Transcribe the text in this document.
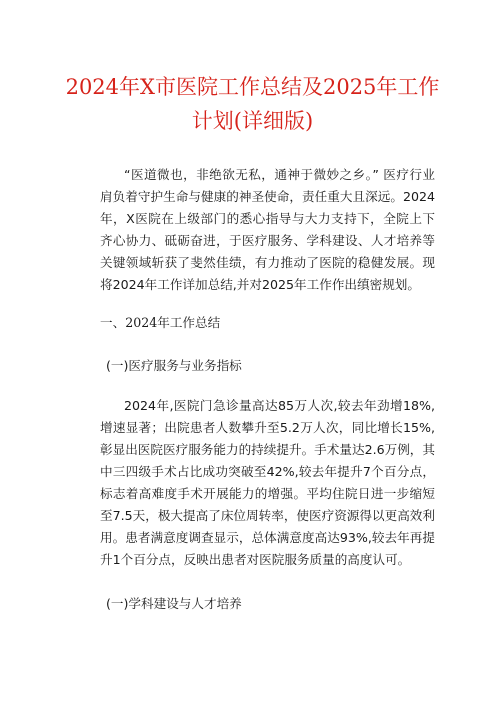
2024年X市医院工作总结及2025年工作计划(详细版)

“医道微也，非绝欲无私，通神于微妙之乡。” 医疗行业肩负着守护生命与健康的神圣使命，责任重大且深远。2024年，X医院在上级部门的悉心指导与大力支持下，全院上下齐心协力、砥砺奋进，于医疗服务、学科建设、人才培养等关键领域斩获了斐然佳绩，有力推动了医院的稳健发展。现将2024年工作详加总结,并对2025年工作作出缜密规划。

一、2024年工作总结

(一)医疗服务与业务指标

2024年,医院门急诊量高达85万人次,较去年劲增18%,增速显著；出院患者人数攀升至5.2万人次，同比增长15%,彰显出医院医疗服务能力的持续提升。手术量达2.6万例，其中三四级手术占比成功突破至42%,较去年提升7个百分点，标志着高难度手术开展能力的增强。平均住院日进一步缩短至7.5天，极大提高了床位周转率，使医疗资源得以更高效利用。患者满意度调查显示，总体满意度高达93%,较去年再提升1个百分点，反映出患者对医院服务质量的高度认可。

(一)学科建设与人才培养
